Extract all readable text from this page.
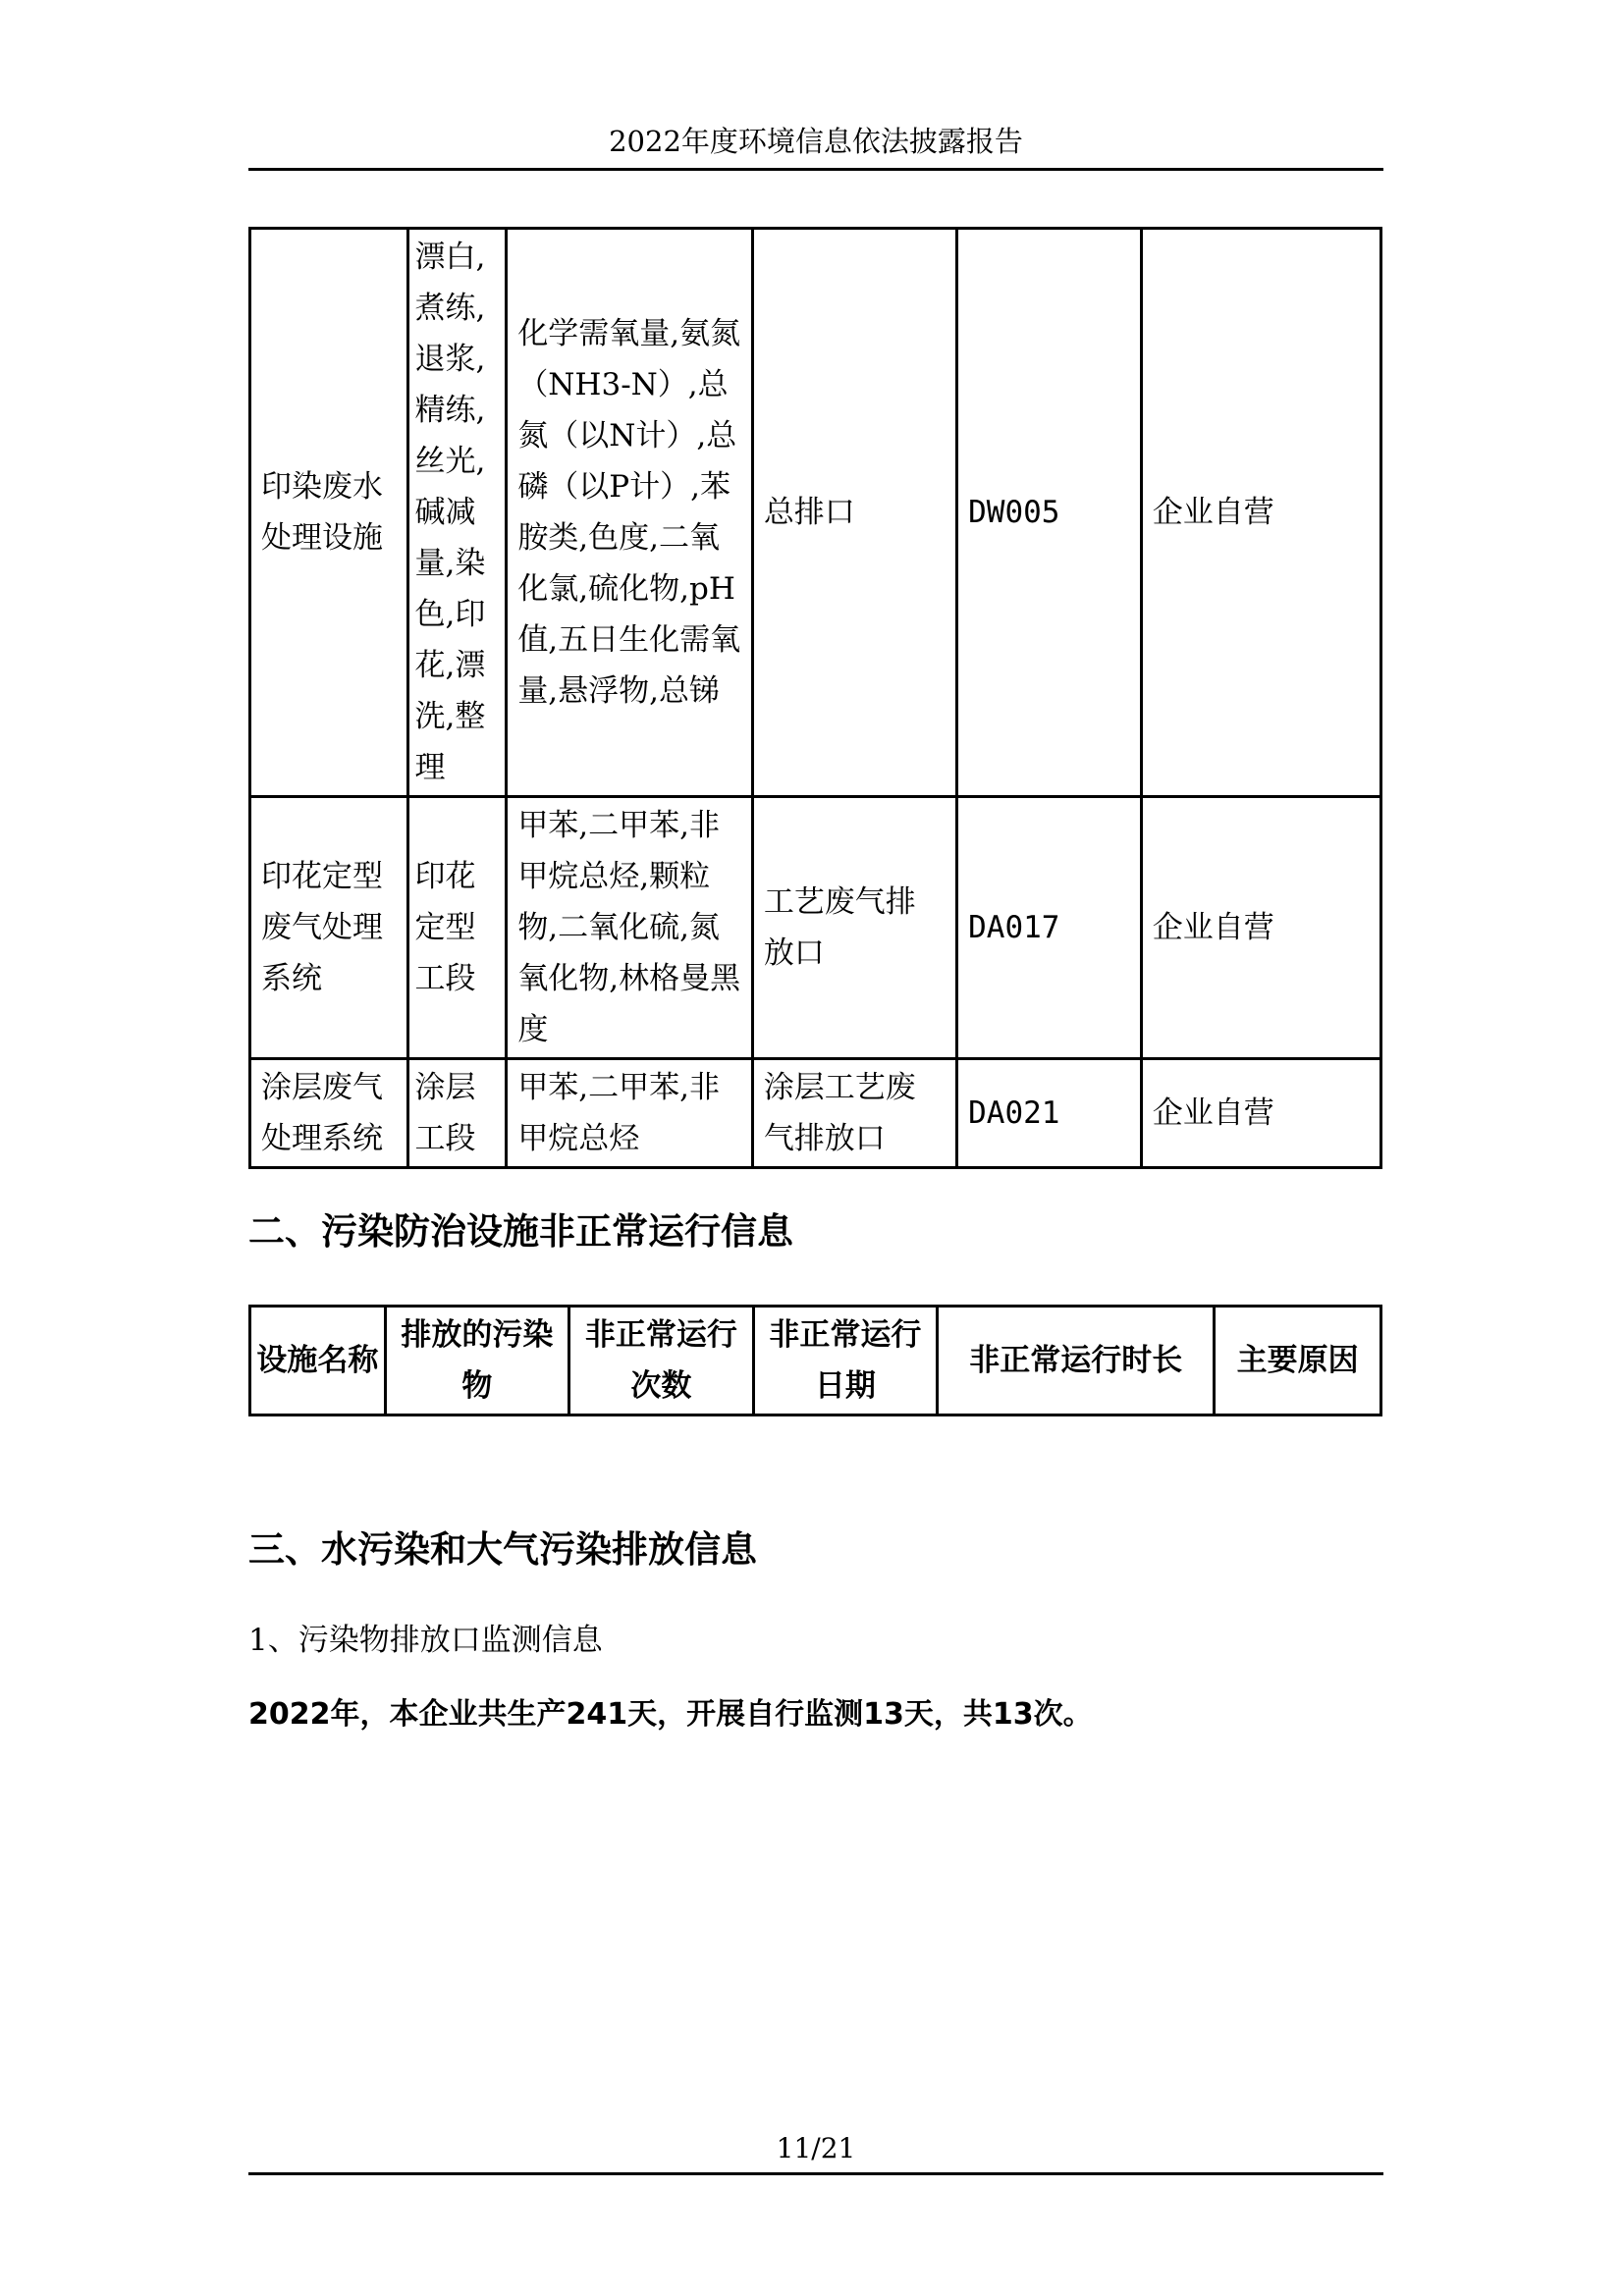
2022年度环境信息依法披露报告
印染废水处理设施	漂白,煮练,退浆,精练,丝光,碱减量,染色,印花,漂洗,整理	化学需氧量,氨氮（NH3-N）,总氮（以N计）,总磷（以P计）,苯胺类,色度,二氧化氯,硫化物,pH值,五日生化需氧量,悬浮物,总锑	总排口	DW005	企业自营
印花定型废气处理系统	印花定型工段	甲苯,二甲苯,非甲烷总烃,颗粒物,二氧化硫,氮氧化物,林格曼黑度	工艺废气排放口	DA017	企业自营
涂层废气处理系统	涂层工段	甲苯,二甲苯,非甲烷总烃	涂层工艺废气排放口	DA021	企业自营
二、污染防治设施非正常运行信息
设施名称	排放的污染物	非正常运行次数	非正常运行日期	非正常运行时长	主要原因
三、水污染和大气污染排放信息
1、污染物排放口监测信息
2022年，本企业共生产241天，开展自行监测13天，共13次。
11/21
